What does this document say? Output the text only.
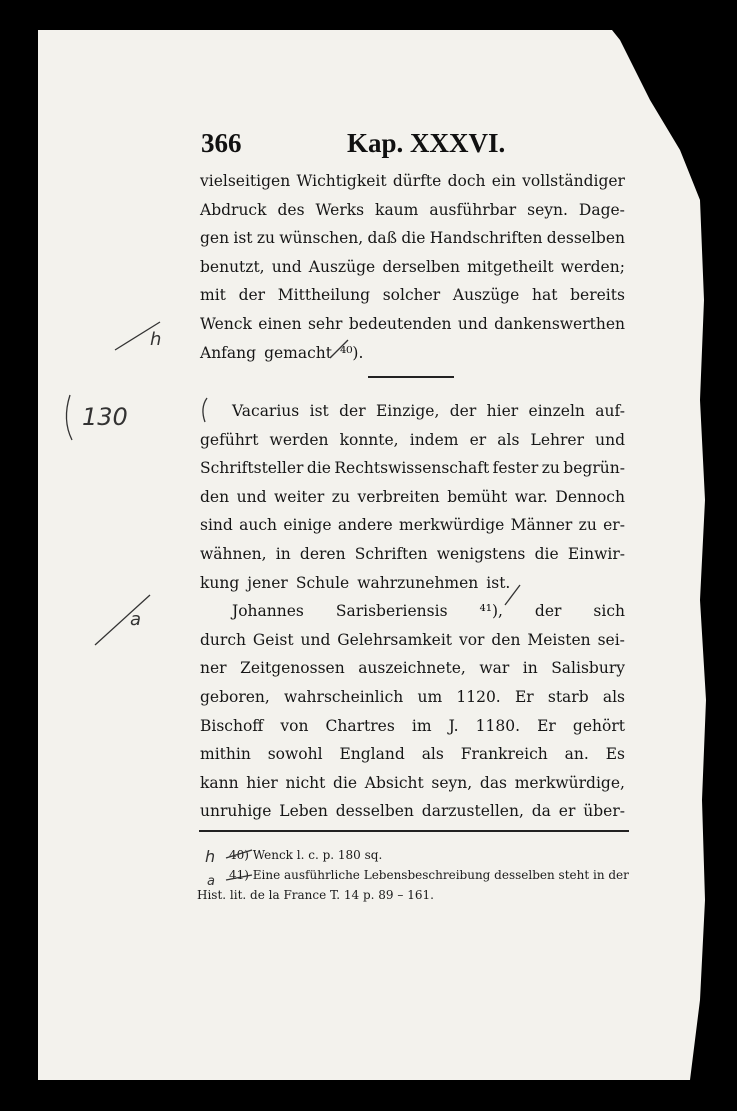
366	Kap. XXXVI.
vielseitigen Wichtigkeit dürfte doch ein vollständiger
Abdruck des Werks kaum ausführbar seyn. Dage-
gen ist zu wünschen, daß die Handschriften desselben
benutzt, und Auszüge derselben mitgetheilt werden;
mit der Mittheilung solcher Auszüge hat bereits
Wenck einen sehr bedeutenden und dankenswerthen
Anfang gemacht ⁴⁰).
Vacarius ist der Einzige, der hier einzeln auf-
geführt werden konnte, indem er als Lehrer und
Schriftsteller die Rechtswissenschaft fester zu begrün-
den und weiter zu verbreiten bemüht war. Dennoch
sind auch einige andere merkwürdige Männer zu er-
wähnen, in deren Schriften wenigstens die Einwir-
kung jener Schule wahrzunehmen ist.
Johannes Sarisberiensis ⁴¹), der sich
durch Geist und Gelehrsamkeit vor den Meisten sei-
ner Zeitgenossen auszeichnete, war in Salisbury
geboren, wahrscheinlich um 1120. Er starb als
Bischoff von Chartres im J. 1180. Er gehört
mithin sowohl England als Frankreich an. Es
kann hier nicht die Absicht seyn, das merkwürdige,
unruhige Leben desselben darzustellen, da er über-
40) Wenck l. c. p. 180 sq.
41) Eine ausführliche Lebensbeschreibung desselben steht in der
Hist. lit. de la France T. 14 p. 89 – 161.
130
h
a
h
a
